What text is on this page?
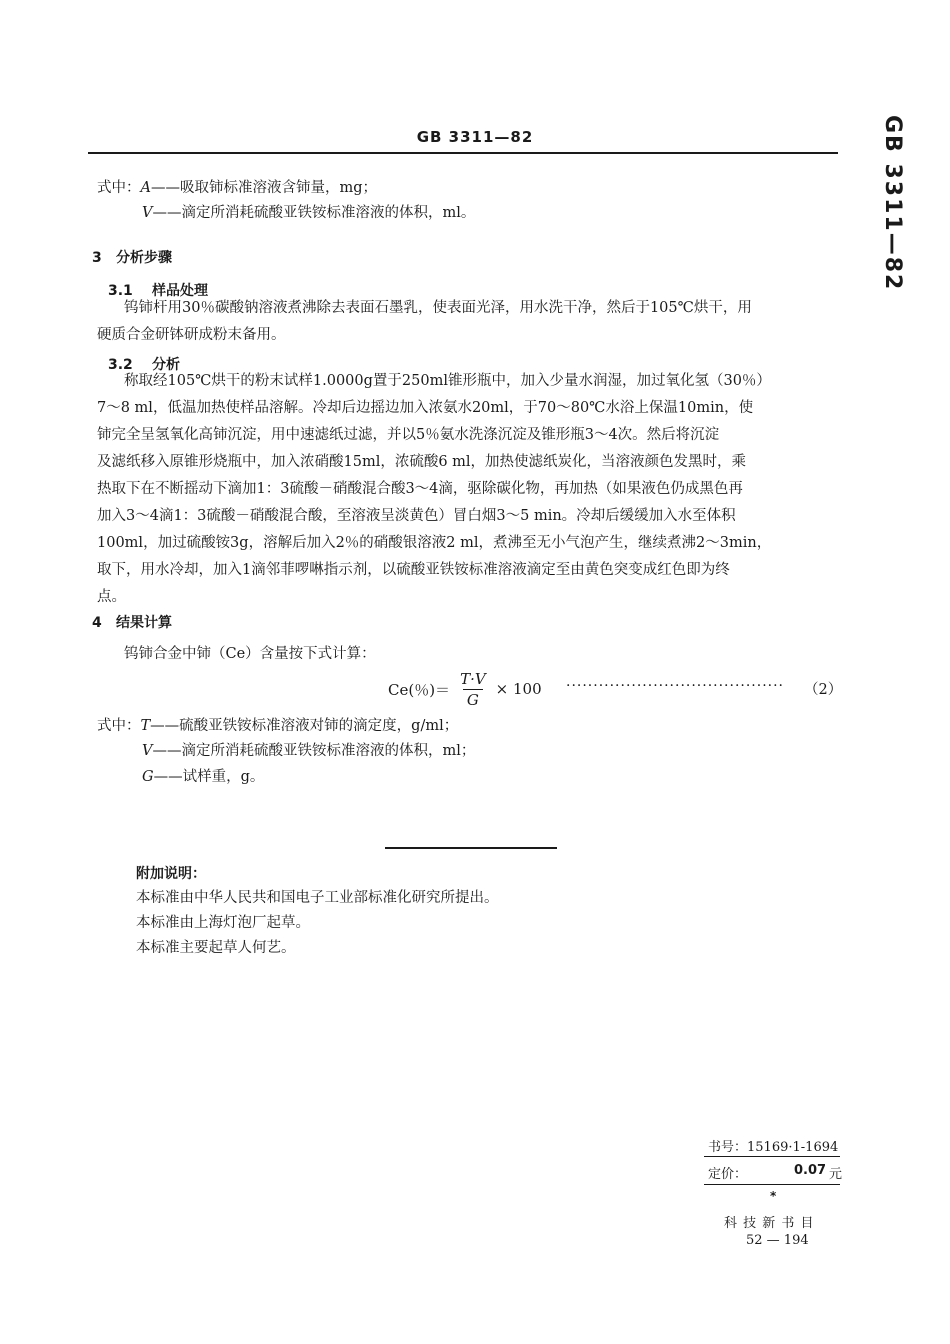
GB 3311—82	GB 3311—82
式中：A——吸取铈标准溶液含铈量，mg；
V——滴定所消耗硫酸亚铁铵标准溶液的体积，ml。
3 分析步骤
3.1 样品处理
钨铈杆用30％碳酸钠溶液煮沸除去表面石墨乳，使表面光泽，用水洗干净，然后于105℃烘干，用
硬质合金研钵研成粉末备用。
3.2 分析
称取经105℃烘干的粉末试样1.0000g置于250ml锥形瓶中，加入少量水润湿，加过氧化氢（30％）
7～8 ml，低温加热使样品溶解。冷却后边摇边加入浓氨水20ml，于70～80℃水浴上保温10min，使
铈完全呈氢氧化高铈沉淀，用中速滤纸过滤，并以5％氨水洗涤沉淀及锥形瓶3～4次。然后将沉淀
及滤纸移入原锥形烧瓶中，加入浓硝酸15ml，浓硫酸6 ml，加热使滤纸炭化，当溶液颜色发黑时，乘
热取下在不断摇动下滴加1：3硫酸－硝酸混合酸3～4滴，驱除碳化物，再加热（如果液色仍成黑色再
加入3～4滴1：3硫酸－硝酸混合酸，至溶液呈淡黄色）冒白烟3～5 min。冷却后缓缓加入水至体积
100ml，加过硫酸铵3g，溶解后加入2％的硝酸银溶液2 ml，煮沸至无小气泡产生，继续煮沸2～3min，
取下，用水冷却，加入1滴邻菲啰啉指示剂，以硫酸亚铁铵标准溶液滴定至由黄色突变成红色即为终
点。
4 结果计算
钨铈合金中铈（Ce）含量按下式计算：
Ce(％)＝ $\frac{T\cdot V}{G} \times 100$ ········································ （2）
式中：T——硫酸亚铁铵标准溶液对铈的滴定度，g/ml；
V——滴定所消耗硫酸亚铁铵标准溶液的体积，ml；
G——试样重，g。
附加说明：
本标准由中华人民共和国电子工业部标准化研究所提出。
本标准由上海灯泡厂起草。
本标准主要起草人何艺。
书号：15169·1-1694
定价：	0.07 元
*
科 技 新 书 目
52 — 194
